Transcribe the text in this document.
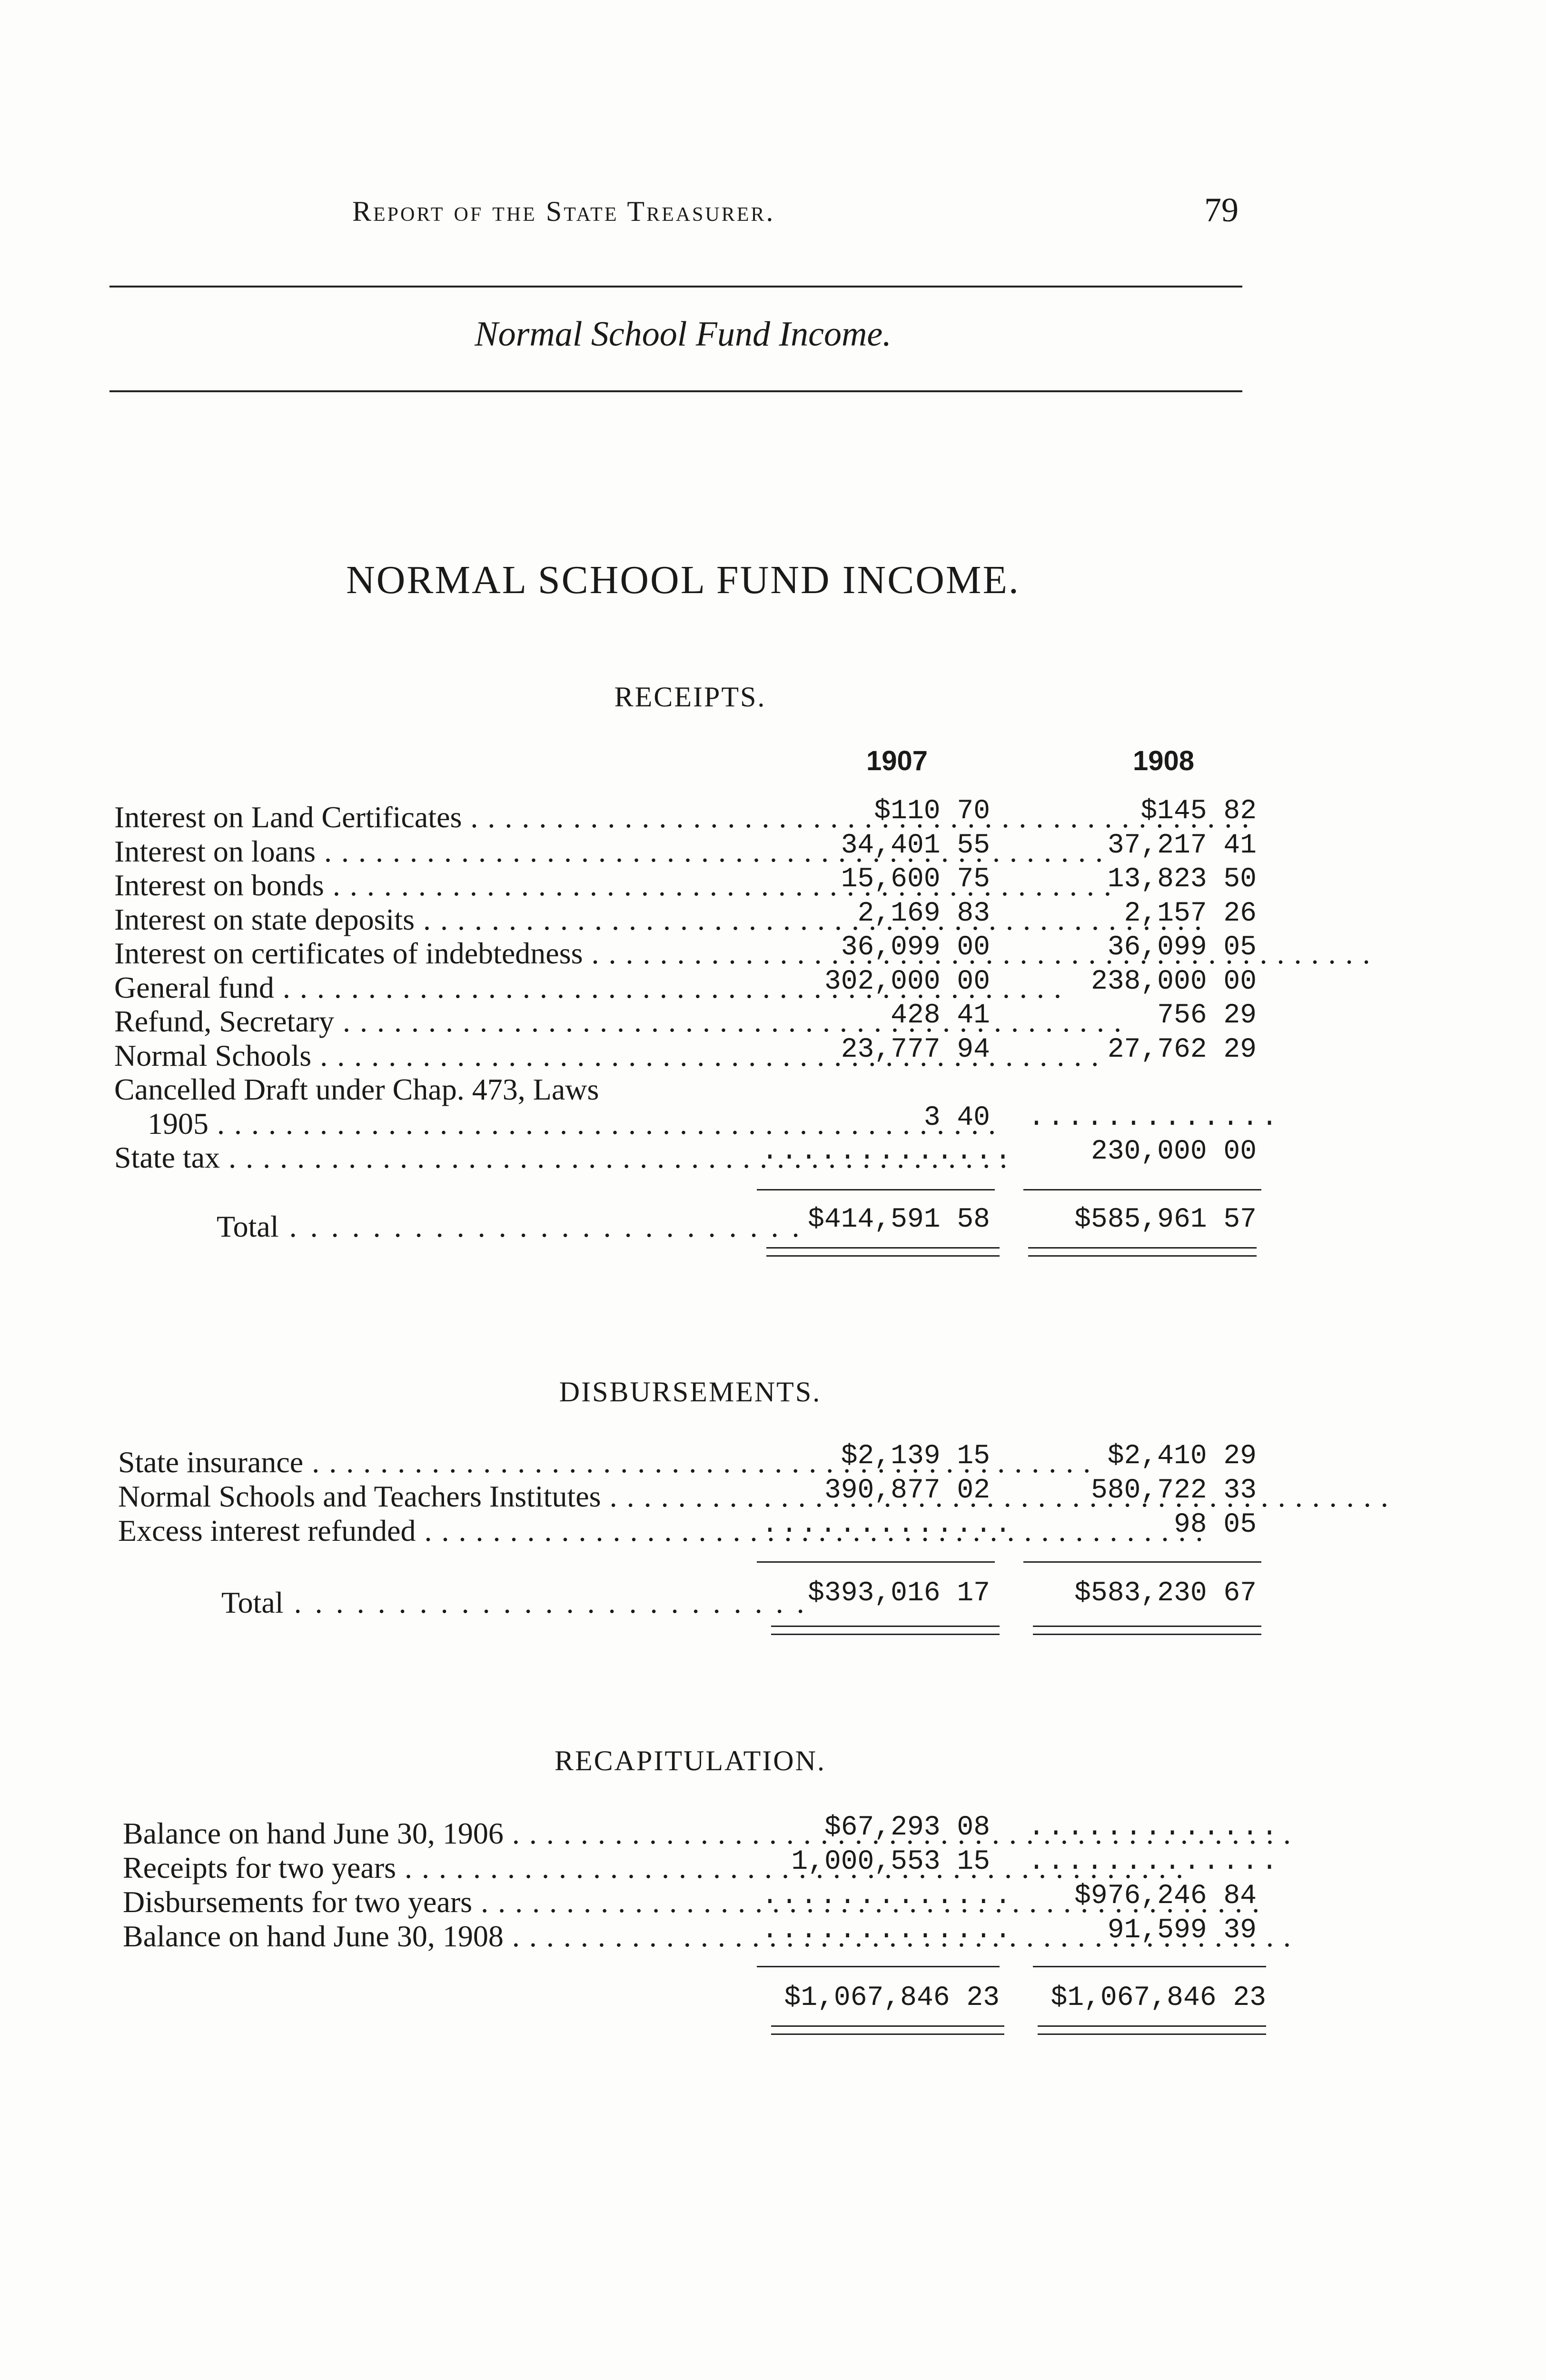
Report of the State Treasurer.	79
Normal School Fund Income.
NORMAL SCHOOL FUND INCOME.
RECEIPTS.
1907	1908
Interest on Land Certificates . . .	$110 70	$145 82
Interest on loans . . .	34,401 55	37,217 41
Interest on bonds . . .	15,600 75	13,823 50
Interest on state deposits . . .	2,169 83	2,157 26
Interest on certificates of indebtedness . . .	36,099 00	36,099 05
General fund . . .	302,000 00	238,000 00
Refund, Secretary . . .	428 41	756 29
Normal Schools . . .	23,777 94	27,762 29
Cancelled Draft under Chap. 473, Laws
1905 . . .	3 40 .............
State tax . . .	.............	230,000 00
Total . . . . . . . . . . . . . . . . . . . . . . . . . $414,591 58	$585,961 57
DISBURSEMENTS.
State insurance . . .	$2,139 15	$2,410 29
Normal Schools and Teachers Institutes . . .	390,877 02	580,722 33
Excess interest refunded . . .	.............	98 05
Total . . . . . . . . . . . . . . . . . . . . . . . . . $393,016 17	$583,230 67
RECAPITULATION.
Balance on hand June 30, 1906 . . .	$67,293 08 .............
Receipts for two years . . .	1,000,553 15 .............
Disbursements for two years . . .	.............	$976,246 84
Balance on hand June 30, 1908 . . .	.............	91,599 39
$1,067,846 23	$1,067,846 23
